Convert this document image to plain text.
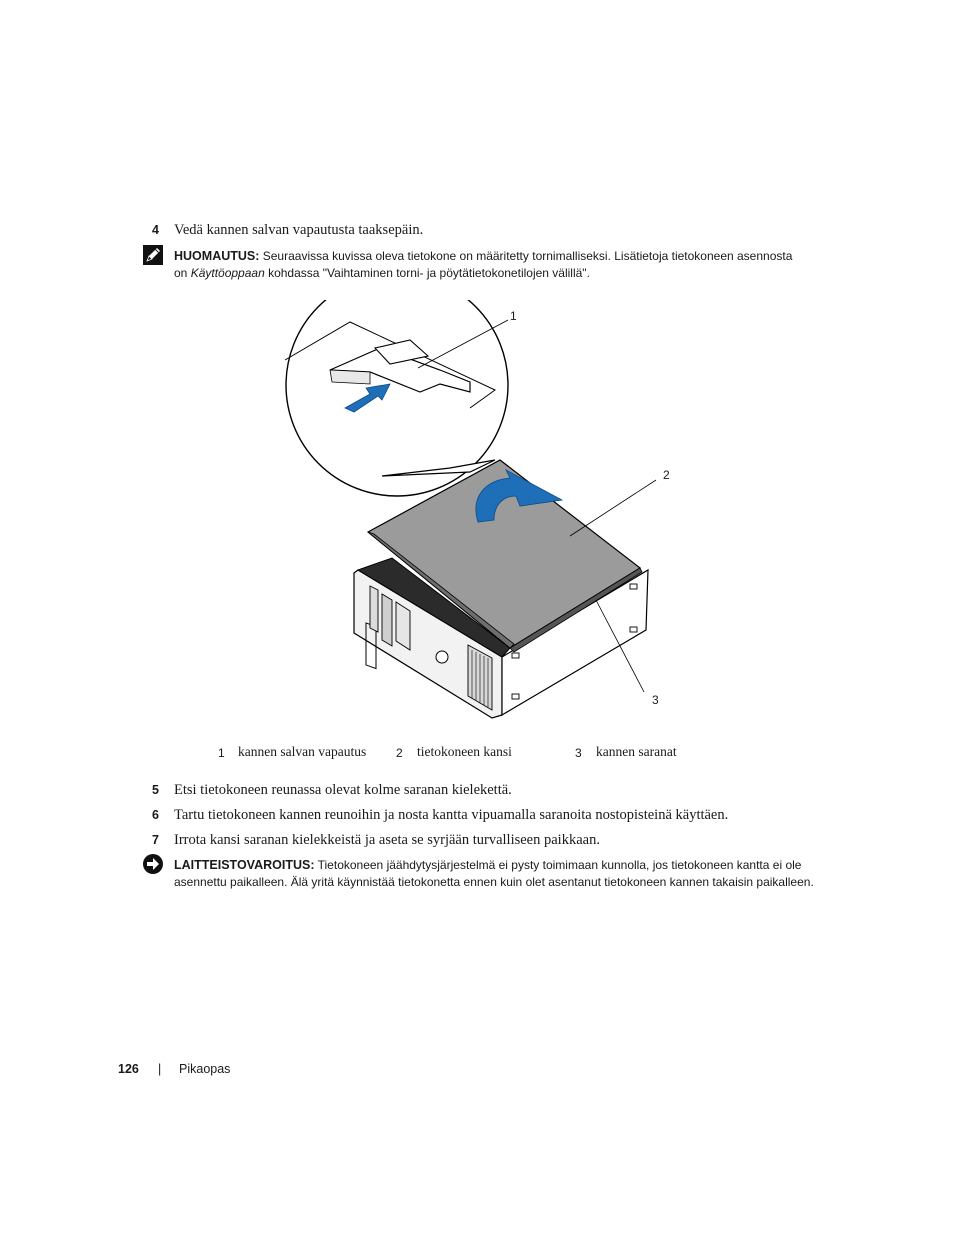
4 Vedä kannen salvan vapautusta taaksepäin.
HUOMAUTUS: Seuraavissa kuvissa oleva tietokone on määritetty tornimalliseksi. Lisätietoja tietokoneen asennosta on Käyttöoppaan kohdassa "Vaihtaminen torni- ja pöytätietokonetilojen välillä".
1
2
3
1 kannen salvan vapautus 2 tietokoneen kansi	3 kannen saranat
5 Etsi tietokoneen reunassa olevat kolme saranan kielekettä.
6 Tartu tietokoneen kannen reunoihin ja nosta kantta vipuamalla saranoita nostopisteinä käyttäen.
7 Irrota kansi saranan kielekkeistä ja aseta se syrjään turvalliseen paikkaan.
LAITTEISTOVAROITUS: Tietokoneen jäähdytysjärjestelmä ei pysty toimimaan kunnolla, jos tietokoneen kantta ei ole asennettu paikalleen. Älä yritä käynnistää tietokonetta ennen kuin olet asentanut tietokoneen kannen takaisin paikalleen.
126 | Pikaopas
